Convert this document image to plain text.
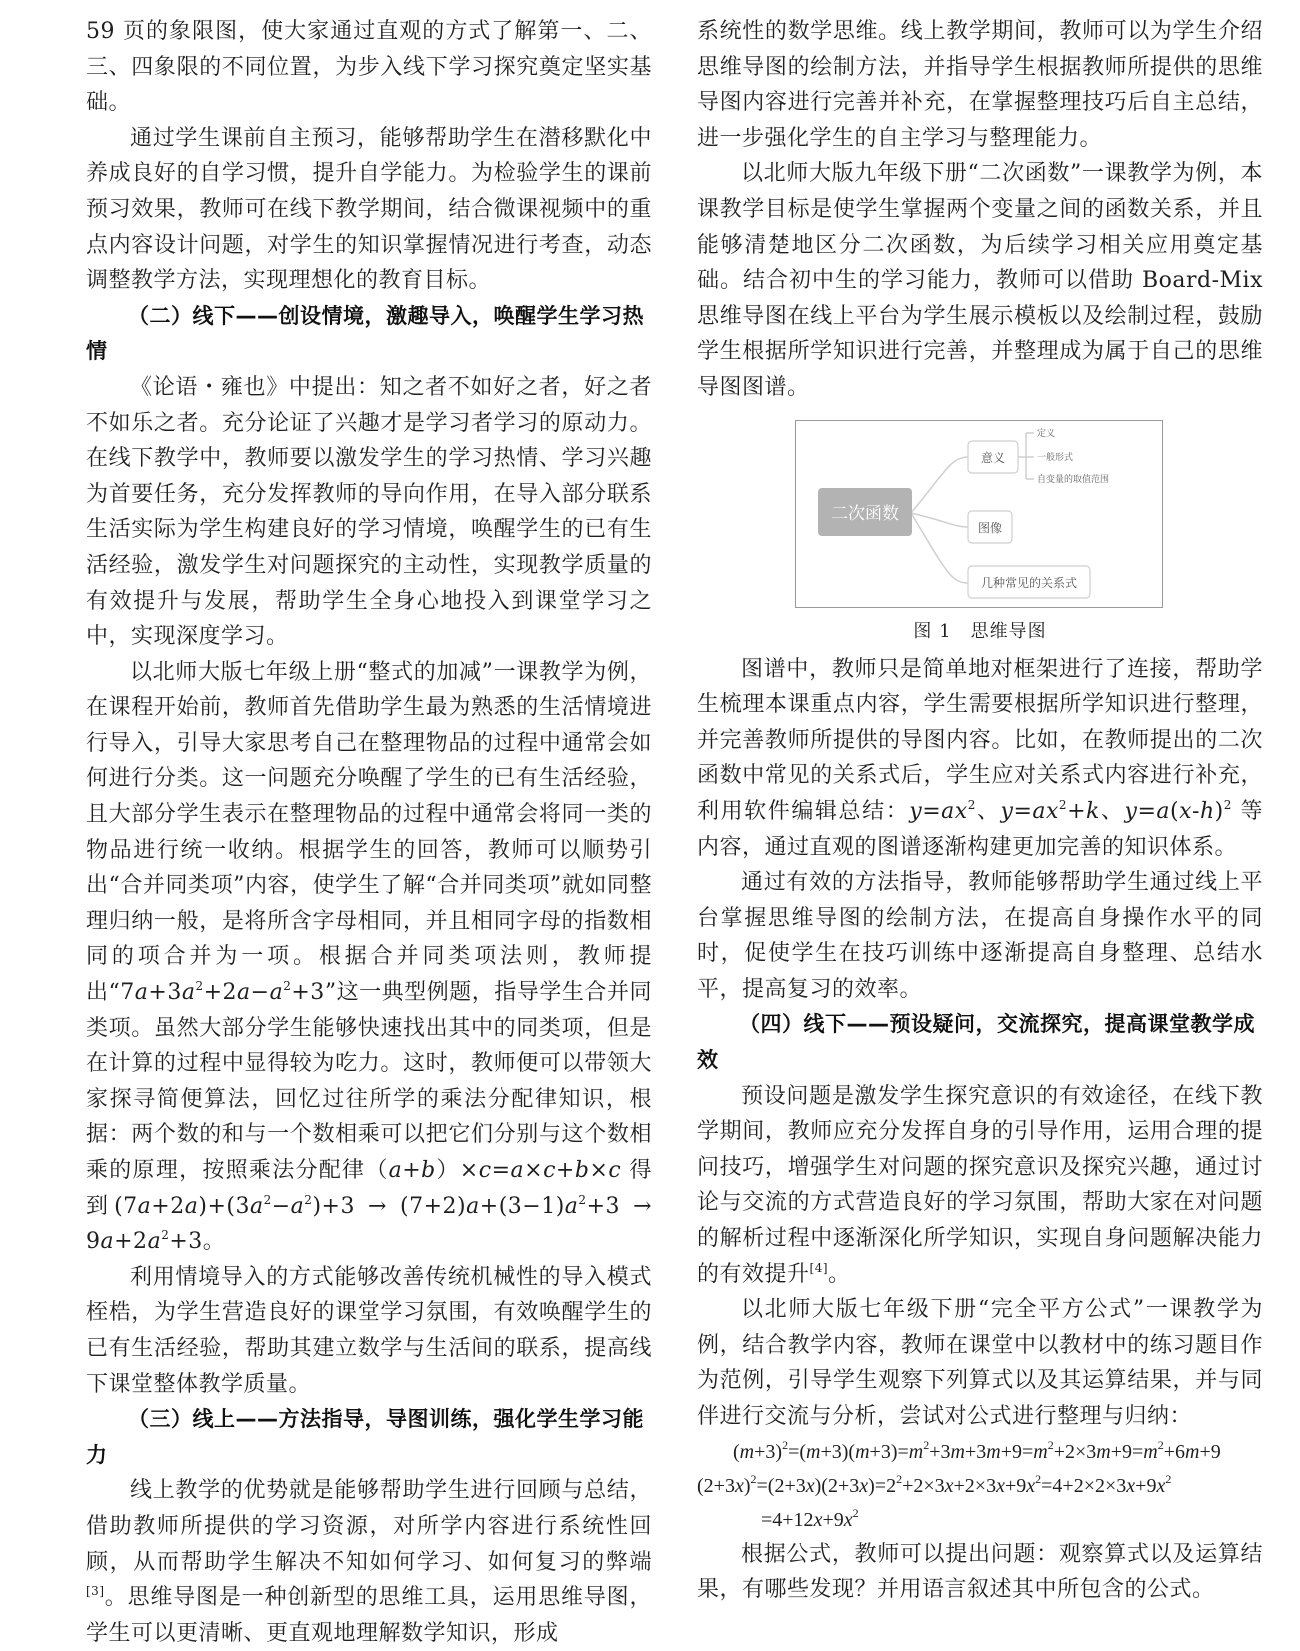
59 页的象限图，使大家通过直观的方式了解第一、二、三、四象限的不同位置，为步入线下学习探究奠定坚实基础。

通过学生课前自主预习，能够帮助学生在潜移默化中养成良好的自学习惯，提升自学能力。为检验学生的课前预习效果，教师可在线下教学期间，结合微课视频中的重点内容设计问题，对学生的知识掌握情况进行考查，动态调整教学方法，实现理想化的教育目标。

（二）线下——创设情境，激趣导入，唤醒学生学习热情

《论语・雍也》中提出：知之者不如好之者，好之者不如乐之者。充分论证了兴趣才是学习者学习的原动力。在线下教学中，教师要以激发学生的学习热情、学习兴趣为首要任务，充分发挥教师的导向作用，在导入部分联系生活实际为学生构建良好的学习情境，唤醒学生的已有生活经验，激发学生对问题探究的主动性，实现教学质量的有效提升与发展，帮助学生全身心地投入到课堂学习之中，实现深度学习。

以北师大版七年级上册“整式的加减”一课教学为例，在课程开始前，教师首先借助学生最为熟悉的生活情境进行导入，引导大家思考自己在整理物品的过程中通常会如何进行分类。这一问题充分唤醒了学生的已有生活经验，且大部分学生表示在整理物品的过程中通常会将同一类的物品进行统一收纳。根据学生的回答，教师可以顺势引出“合并同类项”内容，使学生了解“合并同类项”就如同整理归纳一般，是将所含字母相同，并且相同字母的指数相同的项合并为一项。根据合并同类项法则，教师提出“$7a+3a^2+2a-a^2+3$”这一典型例题，指导学生合并同类项。虽然大部分学生能够快速找出其中的同类项，但是在计算的过程中显得较为吃力。这时，教师便可以带领大家探寻简便算法，回忆过往所学的乘法分配律知识，根据：两个数的和与一个数相乘可以把它们分别与这个数相乘的原理，按照乘法分配律（a+b）×c=a×c+b×c 得到$(7a+2a)+(3a^2-a^2)+3 \to (7+2)a+(3-1)a^2+3 \to 9a+2a^2+3$。

利用情境导入的方式能够改善传统机械性的导入模式桎梏，为学生营造良好的课堂学习氛围，有效唤醒学生的已有生活经验，帮助其建立数学与生活间的联系，提高线下课堂整体教学质量。

（三）线上——方法指导，导图训练，强化学生学习能力

线上教学的优势就是能够帮助学生进行回顾与总结，借助教师所提供的学习资源，对所学内容进行系统性回顾，从而帮助学生解决不知如何学习、如何复习的弊端[3]。思维导图是一种创新型的思维工具，运用思维导图，学生可以更清晰、更直观地理解数学知识，形成

系统性的数学思维。线上教学期间，教师可以为学生介绍思维导图的绘制方法，并指导学生根据教师所提供的思维导图内容进行完善并补充，在掌握整理技巧后自主总结，进一步强化学生的自主学习与整理能力。

以北师大版九年级下册“二次函数”一课教学为例，本课教学目标是使学生掌握两个变量之间的函数关系，并且能够清楚地区分二次函数，为后续学习相关应用奠定基础。结合初中生的学习能力，教师可以借助 Board-Mix 思维导图在线上平台为学生展示模板以及绘制过程，鼓励学生根据所学知识进行完善，并整理成为属于自己的思维导图图谱。

二次函数
意义
图像
几种常见的关系式
定义
一般形式
自变量的取值范围
图 1　思维导图

图谱中，教师只是简单地对框架进行了连接，帮助学生梳理本课重点内容，学生需要根据所学知识进行整理，并完善教师所提供的导图内容。比如，在教师提出的二次函数中常见的关系式后，学生应对关系式内容进行补充，利用软件编辑总结：$y=ax^2$、$y=ax^2+k$、$y=a(x-h)^2$ 等内容，通过直观的图谱逐渐构建更加完善的知识体系。

通过有效的方法指导，教师能够帮助学生通过线上平台掌握思维导图的绘制方法，在提高自身操作水平的同时，促使学生在技巧训练中逐渐提高自身整理、总结水平，提高复习的效率。

（四）线下——预设疑问，交流探究，提高课堂教学成效

预设问题是激发学生探究意识的有效途径，在线下教学期间，教师应充分发挥自身的引导作用，运用合理的提问技巧，增强学生对问题的探究意识及探究兴趣，通过讨论与交流的方式营造良好的学习氛围，帮助大家在对问题的解析过程中逐渐深化所学知识，实现自身问题解决能力的有效提升[4]。

以北师大版七年级下册“完全平方公式”一课教学为例，结合教学内容，教师在课堂中以教材中的练习题目作为范例，引导学生观察下列算式以及其运算结果，并与同伴进行交流与分析，尝试对公式进行整理与归纳：

$(m+3)^2=(m+3)(m+3)=m^2+3m+3m+9=m^2+2\times 3m+9=m^2+6m+9$
$(2+3x)^2=(2+3x)(2+3x)=2^2+2\times 3x+2\times 3x+9x^2=4+2\times 2\times 3x+9x^2$
$=4+12x+9x^2$

根据公式，教师可以提出问题：观察算式以及运算结果，有哪些发现？并用语言叙述其中所包含的公式。
